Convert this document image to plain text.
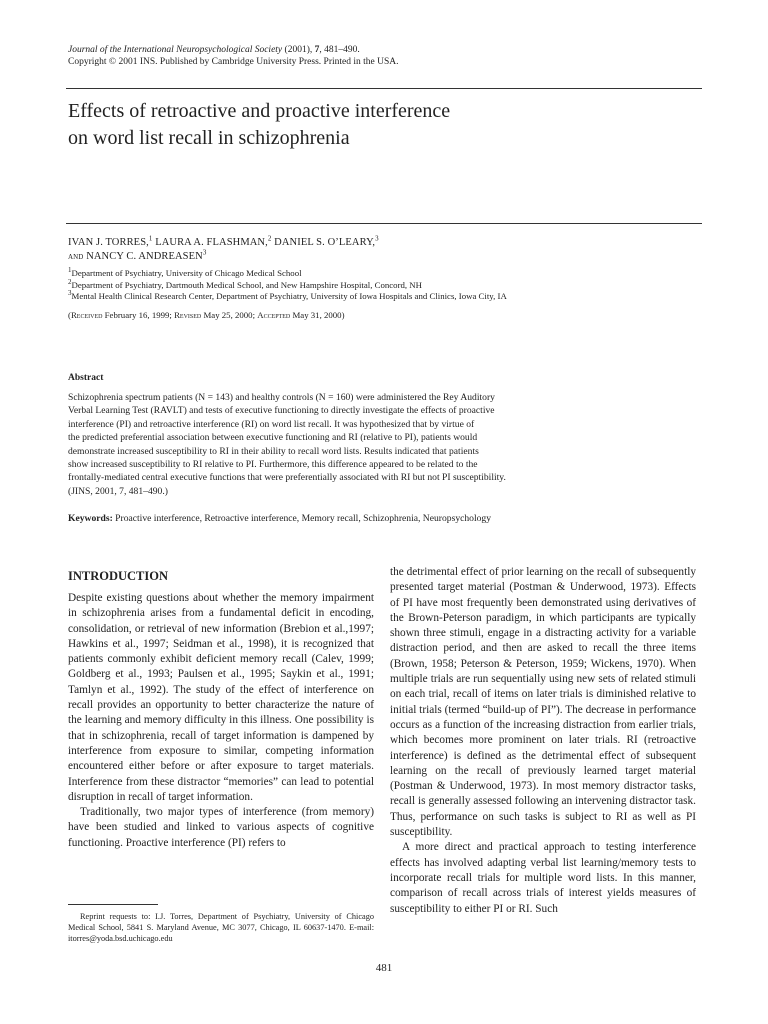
Journal of the International Neuropsychological Society (2001), 7, 481–490.
Copyright © 2001 INS. Published by Cambridge University Press. Printed in the USA.
Effects of retroactive and proactive interference
on word list recall in schizophrenia
IVAN J. TORRES,$^1$ LAURA A. FLASHMAN,$^2$ DANIEL S. O’LEARY,$^3$
and NANCY C. ANDREASEN$^3$
$^1$Department of Psychiatry, University of Chicago Medical School
$^2$Department of Psychiatry, Dartmouth Medical School, and New Hampshire Hospital, Concord, NH
$^3$Mental Health Clinical Research Center, Department of Psychiatry, University of Iowa Hospitals and Clinics, Iowa City, IA
(Received February 16, 1999; Revised May 25, 2000; Accepted May 31, 2000)
Abstract
Schizophrenia spectrum patients (N = 143) and healthy controls (N = 160) were administered the Rey Auditory
Verbal Learning Test (RAVLT) and tests of executive functioning to directly investigate the effects of proactive
interference (PI) and retroactive interference (RI) on word list recall. It was hypothesized that by virtue of
the predicted preferential association between executive functioning and RI (relative to PI), patients would
demonstrate increased susceptibility to RI in their ability to recall word lists. Results indicated that patients
show increased susceptibility to RI relative to PI. Furthermore, this difference appeared to be related to the
frontally-mediated central executive functions that were preferentially associated with RI but not PI susceptibility.
(JINS, 2001, 7, 481–490.)
Keywords: Proactive interference, Retroactive interference, Memory recall, Schizophrenia, Neuropsychology
INTRODUCTION

Despite existing questions about whether the memory impairment in schizophrenia arises from a fundamental deficit in encoding, consolidation, or retrieval of new information (Brebion et al.,1997; Hawkins et al., 1997; Seidman et al., 1998), it is recognized that patients commonly exhibit deficient memory recall (Calev, 1999; Goldberg et al., 1993; Paulsen et al., 1995; Saykin et al., 1991; Tamlyn et al., 1992). The study of the effect of interference on recall provides an opportunity to better characterize the nature of the learning and memory difficulty in this illness. One possibility is that in schizophrenia, recall of target information is dampened by interference from exposure to similar, competing information encountered either before or after exposure to target materials. Interference from these distractor “memories” can lead to potential disruption in recall of target information.

Traditionally, two major types of interference (from memory) have been studied and linked to various aspects of cognitive functioning. Proactive interference (PI) refers to

the detrimental effect of prior learning on the recall of subsequently presented target material (Postman & Underwood, 1973). Effects of PI have most frequently been demonstrated using derivatives of the Brown-Peterson paradigm, in which participants are typically shown three stimuli, engage in a distracting activity for a variable distraction period, and then are asked to recall the three items (Brown, 1958; Peterson & Peterson, 1959; Wickens, 1970). When multiple trials are run sequentially using new sets of related stimuli on each trial, recall of items on later trials is diminished relative to initial trials (termed “build-up of PI”). The decrease in performance occurs as a function of the increasing distraction from earlier trials, which becomes more prominent on later trials. RI (retroactive interference) is defined as the detrimental effect of subsequent learning on the recall of previously learned target material (Postman & Underwood, 1973). In most memory distractor tasks, recall is generally assessed following an intervening distractor task. Thus, performance on such tasks is subject to RI as well as PI susceptibility.

A more direct and practical approach to testing interference effects has involved adapting verbal list learning/memory tests to incorporate recall trials for multiple word lists. In this manner, comparison of recall across trials of interest yields measures of susceptibility to either PI or RI. Such

Reprint requests to: I.J. Torres, Department of Psychiatry, University of Chicago Medical School, 5841 S. Maryland Avenue, MC 3077, Chicago, IL 60637-1470. E-mail: itorres@yoda.bsd.uchicago.edu
481
